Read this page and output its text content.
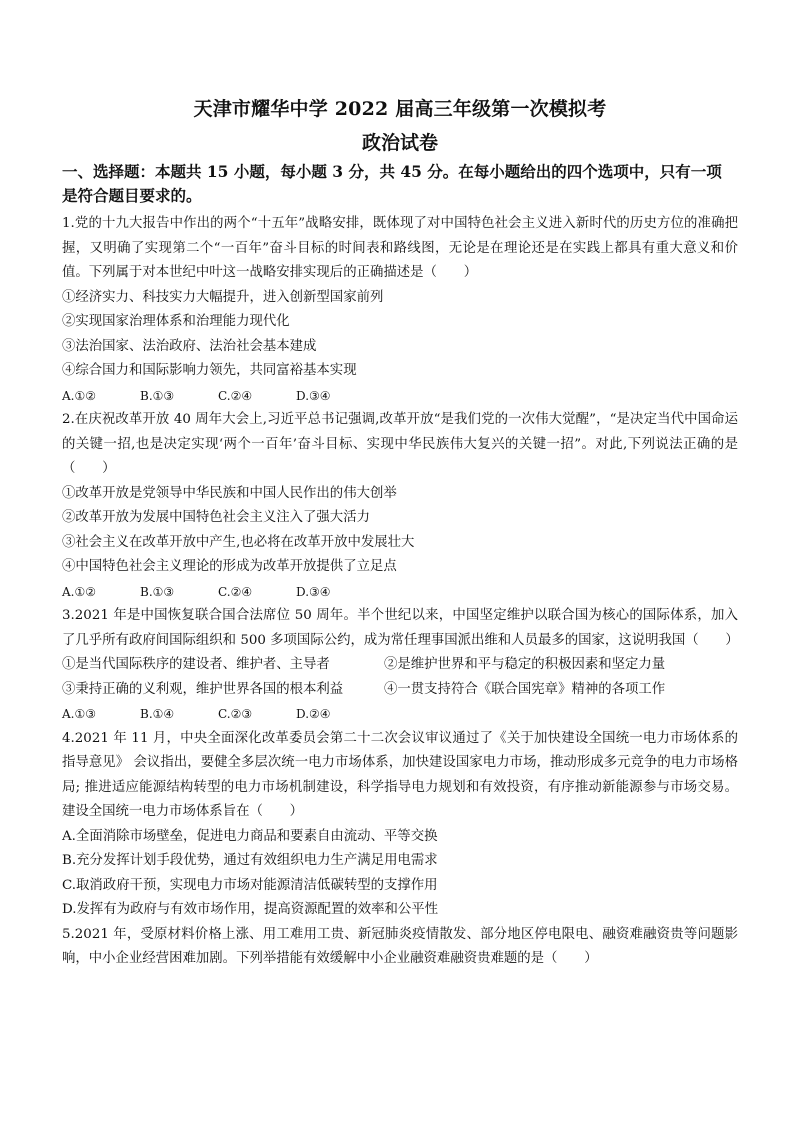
天津市耀华中学 2022 届高三年级第一次模拟考
政治试卷

一、选择题：本题共 15 小题，每小题 3 分，共 45 分。在每小题给出的四个选项中，只有一项

是符合题目要求的。

1.党的十九大报告中作出的两个“十五年”战略安排，既体现了对中国特色社会主义进入新时代的历史方位的准确把握，又明确了实现第二个“一百年”奋斗目标的时间表和路线图，无论是在理论还是在实践上都具有重大意义和价值。下列属于对本世纪中叶这一战略安排实现后的正确描述是（　　）

①经济实力、科技实力大幅提升，进入创新型国家前列

②实现国家治理体系和治理能力现代化

③法治国家、法治政府、法治社会基本建成

④综合国力和国际影响力领先，共同富裕基本实现

A.①②	B.①③	C.②④	D.③④

2.在庆祝改革开放 40 周年大会上,习近平总书记强调,改革开放“是我们党的一次伟大觉醒”，“是决定当代中国命运的关键一招,也是决定实现‘两个一百年’奋斗目标、实现中华民族伟大复兴的关键一招”。对此,下列说法正确的是（　　）

①改革开放是党领导中华民族和中国人民作出的伟大创举

②改革开放为发展中国特色社会主义注入了强大活力

③社会主义在改革开放中产生,也必将在改革开放中发展壮大

④中国特色社会主义理论的形成为改革开放提供了立足点

A.①②	B.①③	C.②④	D.③④

3.2021 年是中国恢复联合国合法席位 50 周年。半个世纪以来，中国坚定维护以联合国为核心的国际体系，加入了几乎所有政府间国际组织和 500 多项国际公约，成为常任理事国派出维和人员最多的国家，这说明我国（　　）

①是当代国际秩序的建设者、维护者、主导者	②是维护世界和平与稳定的积极因素和坚定力量
③秉持正确的义利观，维护世界各国的根本利益	④一贯支持符合《联合国宪章》精神的各项工作
A.①③	B.①④	C.②③	D.②④

4.2021 年 11 月，中央全面深化改革委员会第二十二次会议审议通过了《关于加快建设全国统一电力市场体系的指导意见》 会议指出，要健全多层次统一电力市场体系，加快建设国家电力市场，推动形成多元竞争的电力市场格局; 推进适应能源结构转型的电力市场机制建设，科学指导电力规划和有效投资，有序推动新能源参与市场交易。建设全国统一电力市场体系旨在（　　）

A.全面消除市场壁垒，促进电力商品和要素自由流动、平等交换

B.充分发挥计划手段优势，通过有效组织电力生产满足用电需求

C.取消政府干预，实现电力市场对能源清洁低碳转型的支撑作用

D.发挥有为政府与有效市场作用，提高资源配置的效率和公平性

5.2021 年，受原材料价格上涨、用工难用工贵、新冠肺炎疫情散发、部分地区停电限电、融资难融资贵等问题影响，中小企业经营困难加剧。下列举措能有效缓解中小企业融资难融资贵难题的是（　　）
